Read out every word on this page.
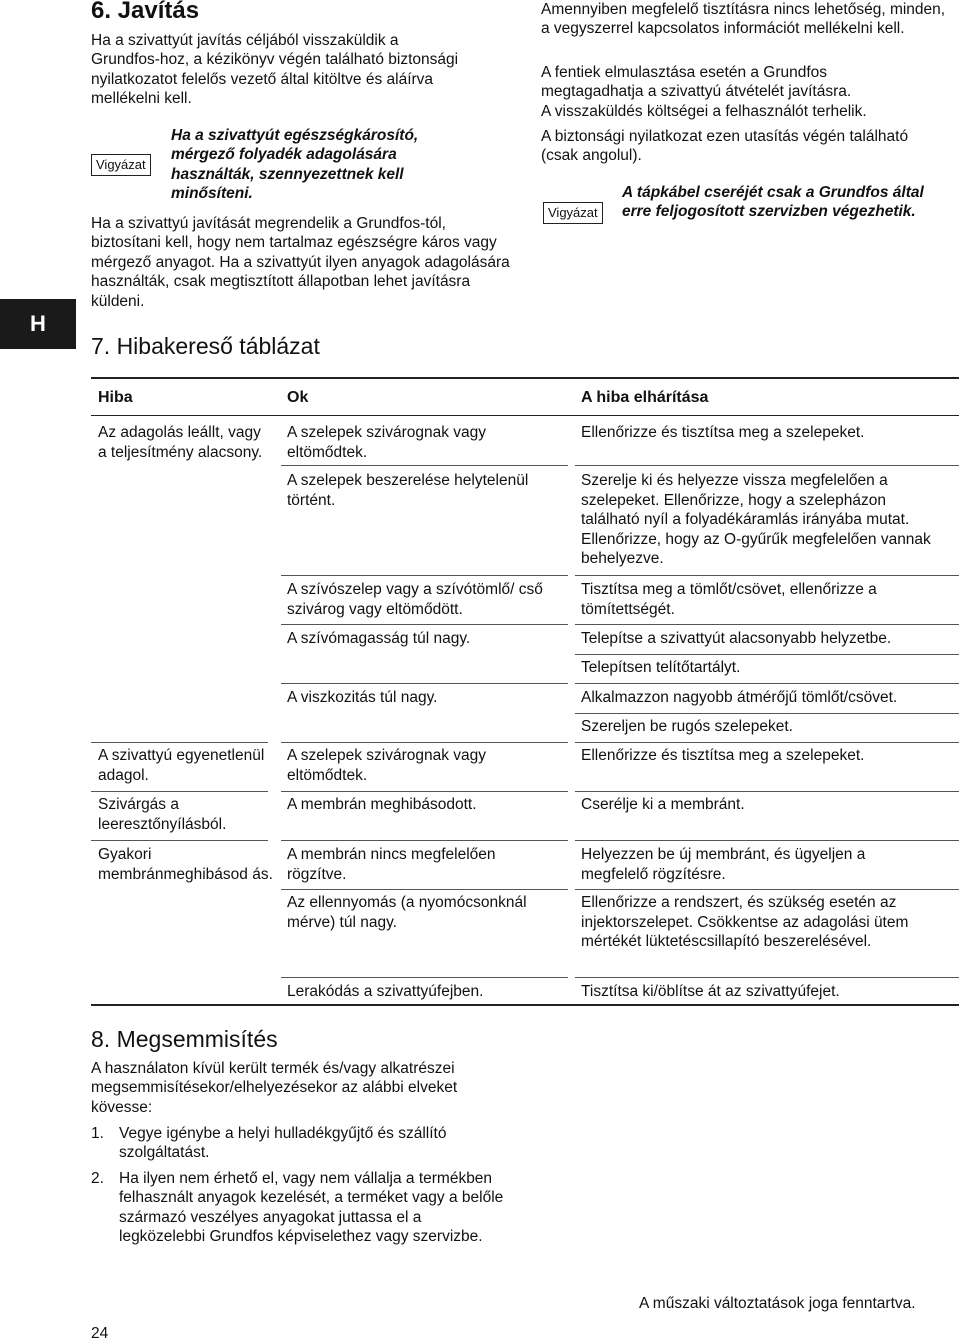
H
6. Javítás
Ha a szivattyút javítás céljából visszaküldik a Grundfos-hoz, a kézikönyv végén található biztonsági nyilatkozatot felelős vezető által kitöltve és aláírva mellékelni kell.
Vigyázat
Ha a szivattyút egészségkárosító, mérgező folyadék adagolására használták, szennyezettnek kell minősíteni.
Ha a szivattyú javítását megrendelik a Grundfos-tól, biztosítani kell, hogy nem tartalmaz egészségre káros vagy mérgező anyagot. Ha a szivattyút ilyen anyagok adagolására használták, csak megtisztított állapotban lehet javításra küldeni.
Amennyiben megfelelő tisztításra nincs lehetőség, minden, a vegyszerrel kapcsolatos információt mellékelni kell.
A fentiek elmulasztása esetén a Grundfos megtagadhatja a szivattyú átvételét javításra.
A visszaküldés költségei a felhasználót terhelik.
A biztonsági nyilatkozat ezen utasítás végén található (csak angolul).
Vigyázat
A tápkábel cseréjét csak a Grundfos által erre feljogosított szervizben végezhetik.
7. Hibakereső táblázat
Hiba	Ok	A hiba elhárítása
Az adagolás leállt, vagy a teljesítmény alacsony.
A szivattyú egyenetlenül adagol.
Szivárgás a leeresztőnyílásból.
Gyakori membránmeghibásod ás.
A szelepek szivárognak vagy eltömődtek.
A szelepek beszerelése helytelenül történt.
A szívószelep vagy a szívótömlő/ cső szivárog vagy eltömődött.
A szívómagasság túl nagy.
A viszkozitás túl nagy.
A szelepek szivárognak vagy eltömődtek.
A membrán meghibásodott.
A membrán nincs megfelelően rögzítve.
Az ellennyomás (a nyomócsonknál mérve) túl nagy.
Lerakódás a szivattyúfejben.
Ellenőrizze és tisztítsa meg a szelepeket.
Szerelje ki és helyezze vissza megfelelően a szelepeket. Ellenőrizze, hogy a szelepházon található nyíl a folyadékáramlás irányába mutat. Ellenőrizze, hogy az O-gyűrűk megfelelően vannak behelyezve.
Tisztítsa meg a tömlőt/csövet, ellenőrizze a tömítettségét.
Telepítse a szivattyút alacsonyabb helyzetbe.
Telepítsen telítőtartályt.
Alkalmazzon nagyobb átmérőjű tömlőt/csövet.
Szereljen be rugós szelepeket.
Ellenőrizze és tisztítsa meg a szelepeket.
Cserélje ki a membránt.
Helyezzen be új membránt, és ügyeljen a megfelelő rögzítésre.
Ellenőrizze a rendszert, és szükség esetén az injektorszelepet. Csökkentse az adagolási ütem mértékét lüktetéscsillapító beszerelésével.
Tisztítsa ki/öblítse át az szivattyúfejet.
8. Megsemmisítés
A használaton kívül került termék és/vagy alkatrészei megsemmisítésekor/elhelyezésekor az alábbi elveket kövesse:
1. Vegye igénybe a helyi hulladékgyűjtő és szállító szolgáltatást.
2. Ha ilyen nem érhető el, vagy nem vállalja a termékben felhasznált anyagok kezelését, a terméket vagy a belőle származó veszélyes anyagokat juttassa el a legközelebbi Grundfos képviselethez vagy szervizbe.
A műszaki változtatások joga fenntartva.
24
